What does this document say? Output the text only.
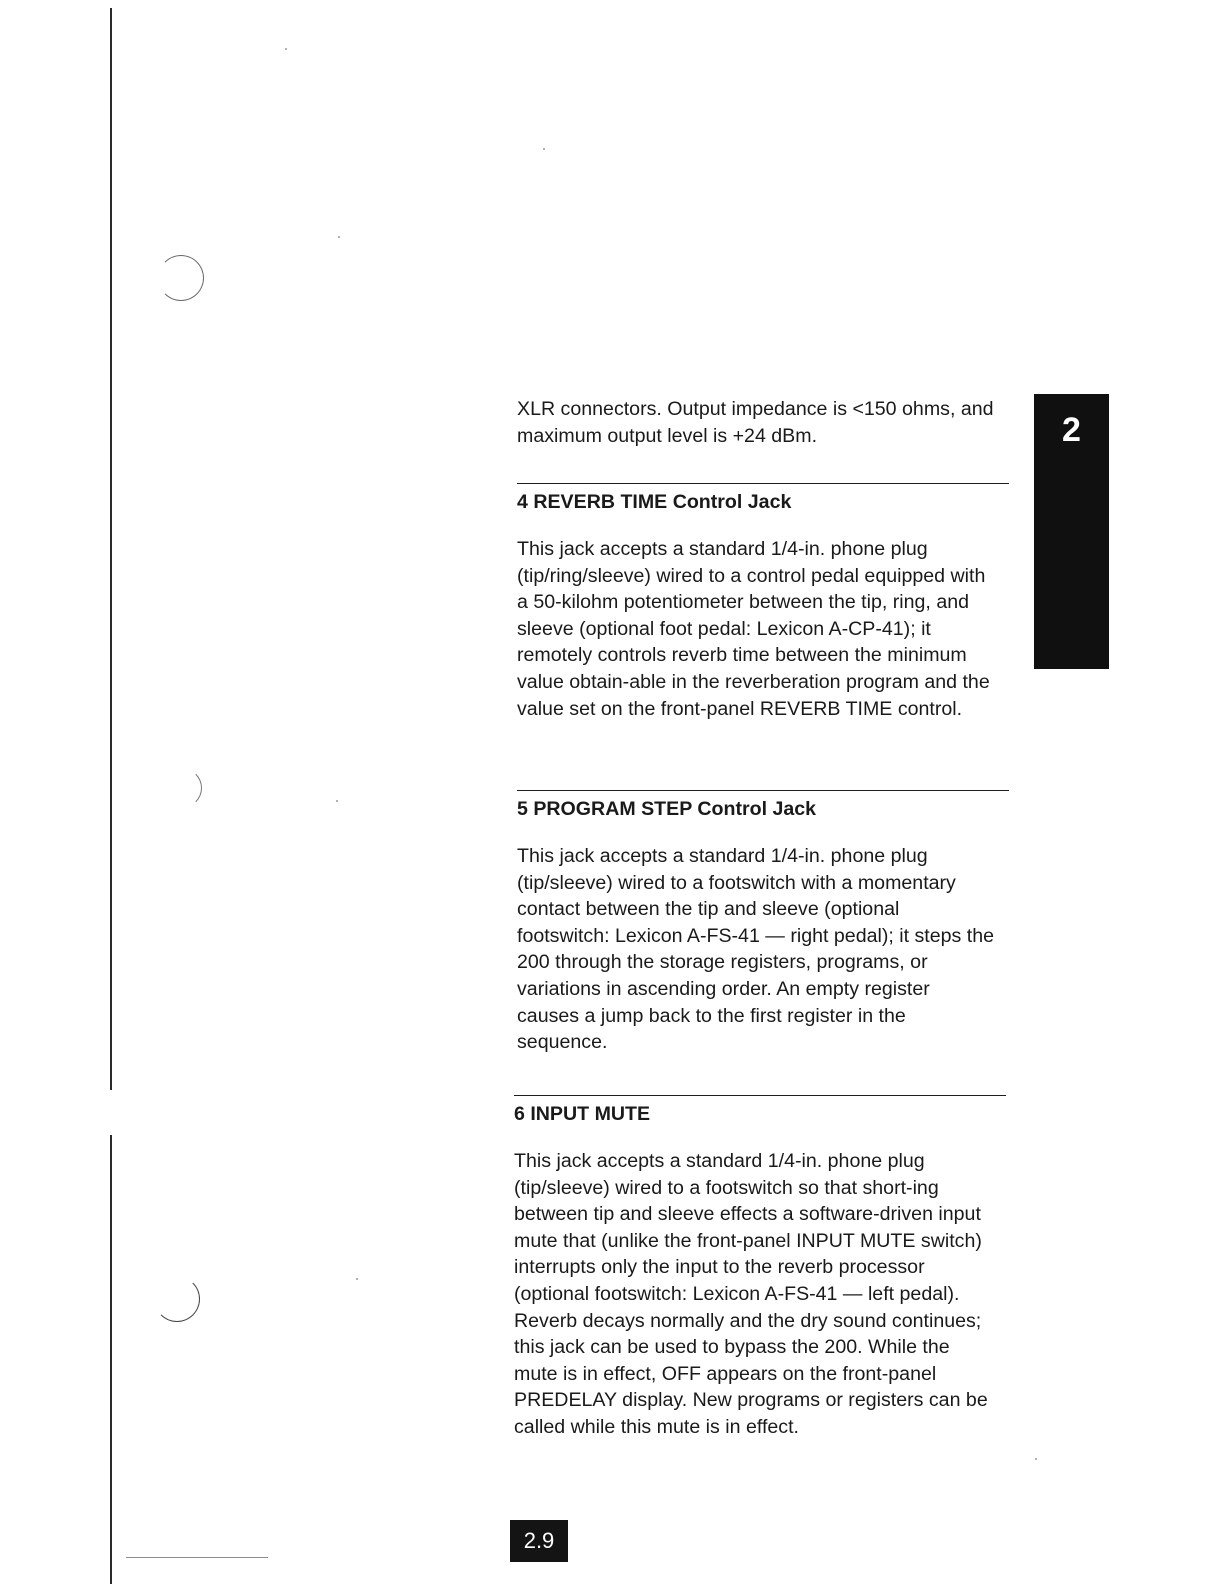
2

XLR connectors. Output impedance is <150 ohms, and maximum output level is +24 dBm.

4 REVERB TIME Control Jack

This jack accepts a standard 1/4-in. phone plug (tip/ring/sleeve) wired to a control pedal equipped with a 50-kilohm potentiometer between the tip, ring, and sleeve (optional foot pedal: Lexicon A-CP-41); it remotely controls reverb time between the minimum value obtain-able in the reverberation program and the value set on the front-panel REVERB TIME control.

5 PROGRAM STEP Control Jack

This jack accepts a standard 1/4-in. phone plug (tip/sleeve) wired to a footswitch with a momentary contact between the tip and sleeve (optional footswitch: Lexicon A-FS-41 — right pedal); it steps the 200 through the storage registers, programs, or variations in ascending order. An empty register causes a jump back to the first register in the sequence.

6 INPUT MUTE

This jack accepts a standard 1/4-in. phone plug (tip/sleeve) wired to a footswitch so that short-ing between tip and sleeve effects a software-driven input mute that (unlike the front-panel INPUT MUTE switch) interrupts only the input to the reverb processor (optional footswitch: Lexicon A-FS-41 — left pedal). Reverb decays normally and the dry sound continues; this jack can be used to bypass the 200. While the mute is in effect, OFF appears on the front-panel PREDELAY display. New programs or registers can be called while this mute is in effect.

2.9
